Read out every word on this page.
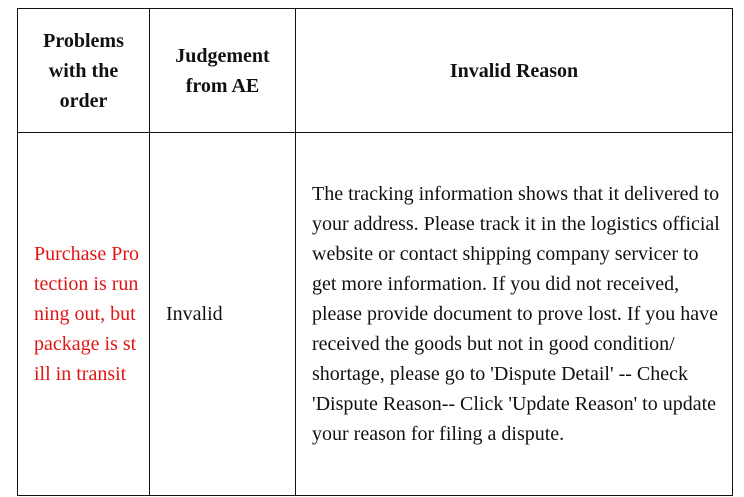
Problems with the order	Judgement from AE	Invalid Reason
Purchase Protection is running out, but package is still in transit	Invalid	The tracking information shows that it delivered to your address. Please track it in the logistics official website or contact shipping company servicer to get more information. If you did not received, please provide document to prove lost. If you have received the goods but not in good condition/ shortage, please go to 'Dispute Detail' -- Check 'Dispute Reason-- Click 'Update Reason' to update your reason for filing a dispute.
